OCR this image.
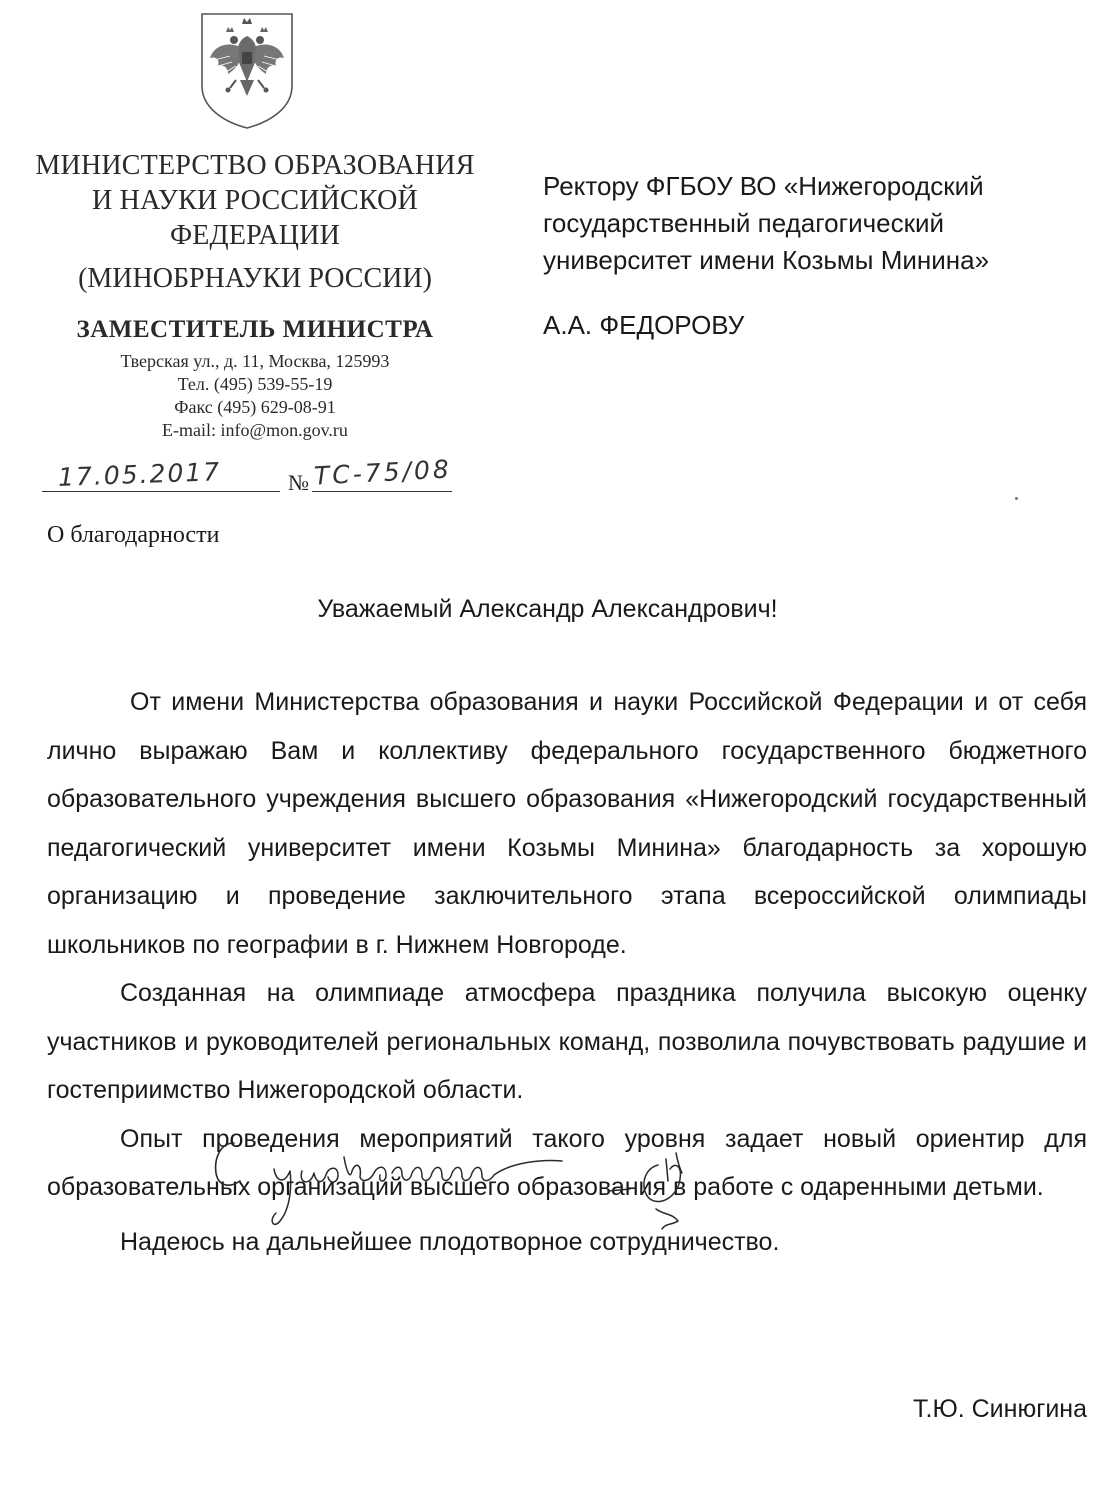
МИНИСТЕРСТВО ОБРАЗОВАНИЯ
И НАУКИ РОССИЙСКОЙ
ФЕДЕРАЦИИ
(МИНОБРНАУКИ РОССИИ)
ЗАМЕСТИТЕЛЬ МИНИСТРА
Тверская ул., д. 11, Москва, 125993
Тел. (495) 539-55-19
Факс (495) 629-08-91
E-mail: info@mon.gov.ru
17.05.2017	№ ТС-75/08
Ректору ФГБОУ ВО «Нижегородский
государственный педагогический
университет имени Козьмы Минина»
А.А. ФЕДОРОВУ
О благодарности
Уважаемый Александр Александрович!

От имени Министерства образования и науки Российской Федерации и от себя лично выражаю Вам и коллективу федерального государственного бюджетного образовательного учреждения высшего образования «Нижегородский государственный педагогический университет имени Козьмы Минина» благодарность за хорошую организацию и проведение заключительного этапа всероссийской олимпиады школьников по географии в г. Нижнем Новгороде.

Созданная на олимпиаде атмосфера праздника получила высокую оценку участников и руководителей региональных команд, позволила почувствовать радушие и гостеприимство Нижегородской области.

Опыт проведения мероприятий такого уровня задает новый ориентир для образовательных организаций высшего образования в работе с одаренными детьми.

Надеюсь на дальнейшее плодотворное сотрудничество.

Т.Ю. Синюгина
